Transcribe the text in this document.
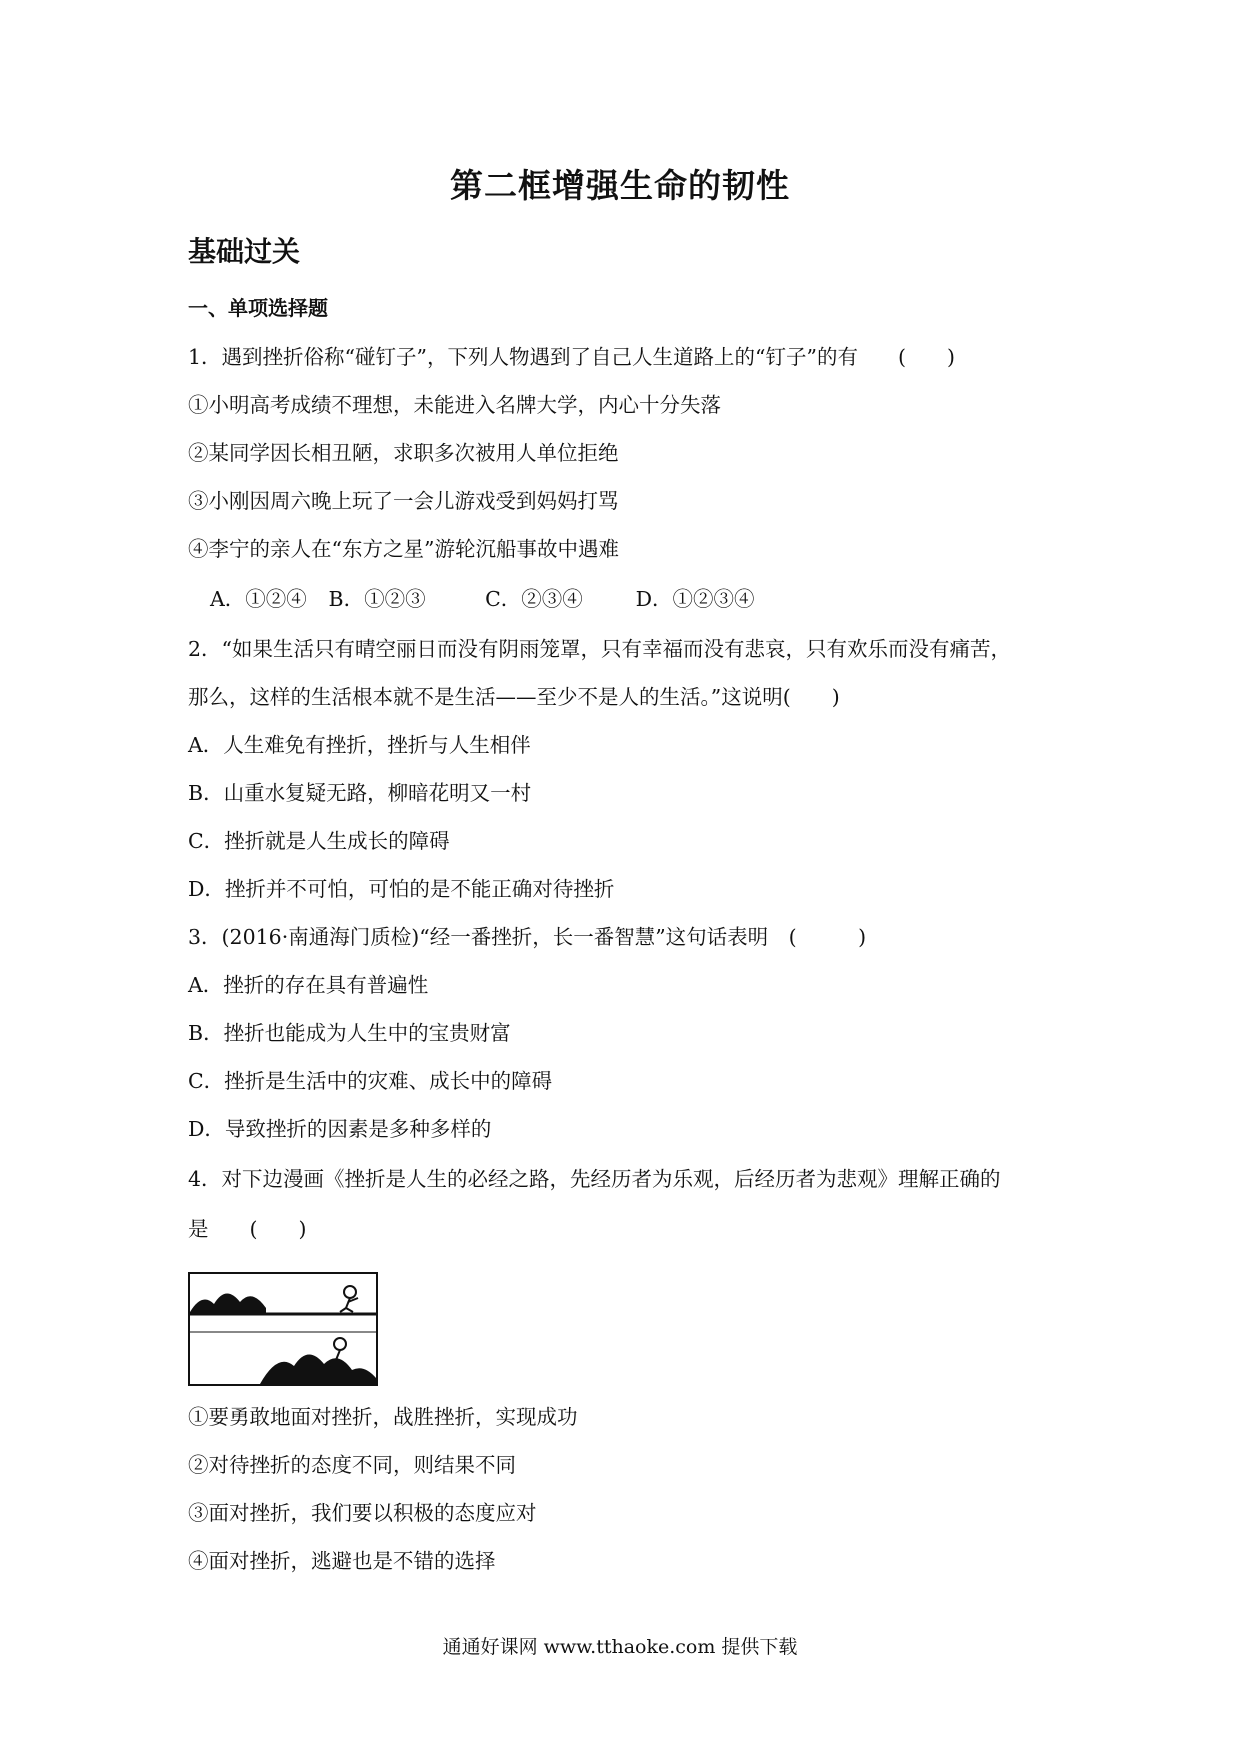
第二框增强生命的韧性
基础过关
一、单项选择题
1．遇到挫折俗称“碰钉子”，下列人物遇到了自己人生道路上的“钉子”的有 (　　)
①小明高考成绩不理想，未能进入名牌大学，内心十分失落
②某同学因长相丑陋，求职多次被用人单位拒绝
③小刚因周六晚上玩了一会儿游戏受到妈妈打骂
④李宁的亲人在“东方之星”游轮沉船事故中遇难
A．①②④ B．①②③	C．②③④	D．①②③④
2．“如果生活只有晴空丽日而没有阴雨笼罩，只有幸福而没有悲哀，只有欢乐而没有痛苦，
那么，这样的生活根本就不是生活——至少不是人的生活。”这说明(　　)
A．人生难免有挫折，挫折与人生相伴
B．山重水复疑无路，柳暗花明又一村
C．挫折就是人生成长的障碍
D．挫折并不可怕，可怕的是不能正确对待挫折
3．(2016·南通海门质检)“经一番挫折，长一番智慧”这句话表明　(　　　)
A．挫折的存在具有普遍性
B．挫折也能成为人生中的宝贵财富
C．挫折是生活中的灾难、成长中的障碍
D．导致挫折的因素是多种多样的
4．对下边漫画《挫折是人生的必经之路，先经历者为乐观，后经历者为悲观》理解正确的
是　　(　　)
①要勇敢地面对挫折，战胜挫折，实现成功
②对待挫折的态度不同，则结果不同
③面对挫折，我们要以积极的态度应对
④面对挫折，逃避也是不错的选择
通通好课网 www.tthaoke.com 提供下载
